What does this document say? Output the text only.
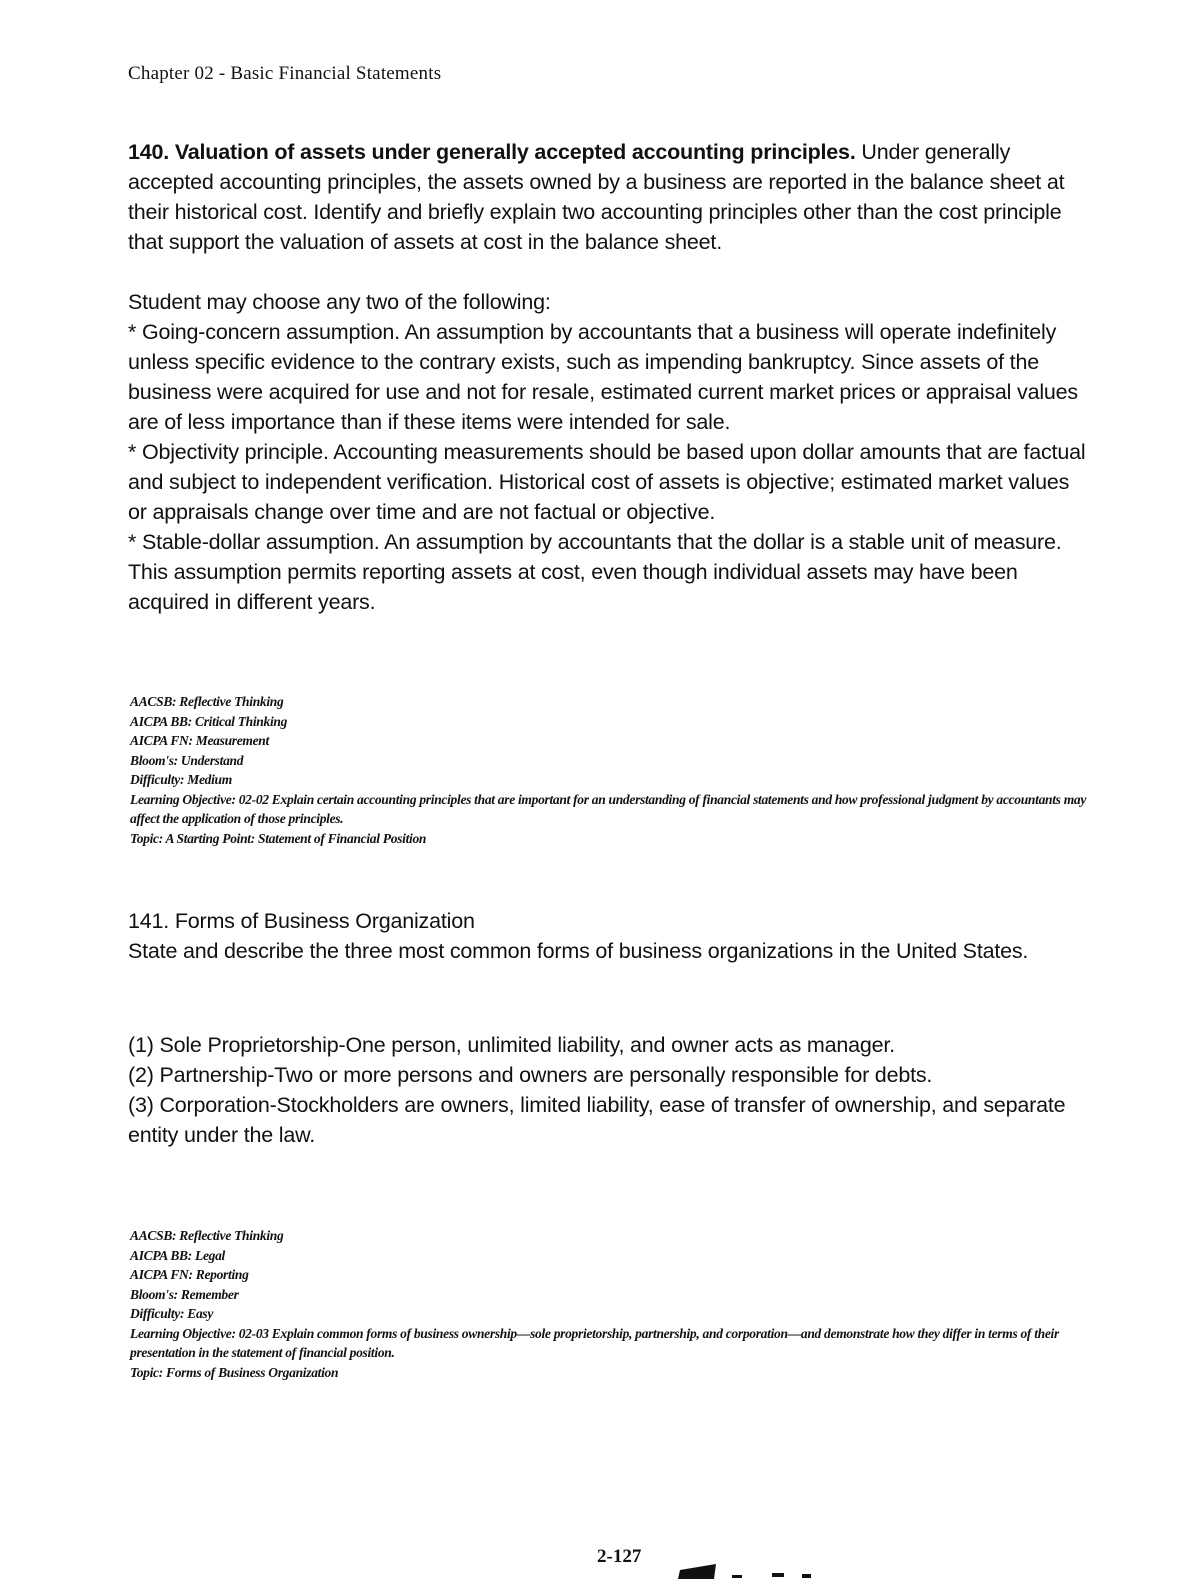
Chapter 02 - Basic Financial Statements

140. Valuation of assets under generally accepted accounting principles. Under generally accepted accounting principles, the assets owned by a business are reported in the balance sheet at their historical cost. Identify and briefly explain two accounting principles other than the cost principle that support the valuation of assets at cost in the balance sheet.

Student may choose any two of the following:

* Going-concern assumption. An assumption by accountants that a business will operate indefinitely unless specific evidence to the contrary exists, such as impending bankruptcy. Since assets of the business were acquired for use and not for resale, estimated current market prices or appraisal values are of less importance than if these items were intended for sale.

* Objectivity principle. Accounting measurements should be based upon dollar amounts that are factual and subject to independent verification. Historical cost of assets is objective; estimated market values or appraisals change over time and are not factual or objective.

* Stable-dollar assumption. An assumption by accountants that the dollar is a stable unit of measure. This assumption permits reporting assets at cost, even though individual assets may have been acquired in different years.

AACSB: Reflective Thinking
AICPA BB: Critical Thinking
AICPA FN: Measurement
Bloom's: Understand
Difficulty: Medium
Learning Objective: 02-02 Explain certain accounting principles that are important for an understanding of financial statements and how professional judgment by accountants may affect the application of those principles.
Topic: A Starting Point: Statement of Financial Position

141. Forms of Business Organization

State and describe the three most common forms of business organizations in the United States.

(1) Sole Proprietorship-One person, unlimited liability, and owner acts as manager.

(2) Partnership-Two or more persons and owners are personally responsible for debts.

(3) Corporation-Stockholders are owners, limited liability, ease of transfer of ownership, and separate entity under the law.

AACSB: Reflective Thinking
AICPA BB: Legal
AICPA FN: Reporting
Bloom's: Remember
Difficulty: Easy
Learning Objective: 02-03 Explain common forms of business ownership—sole proprietorship, partnership, and corporation—and demonstrate how they differ in terms of their presentation in the statement of financial position.
Topic: Forms of Business Organization
2-127
